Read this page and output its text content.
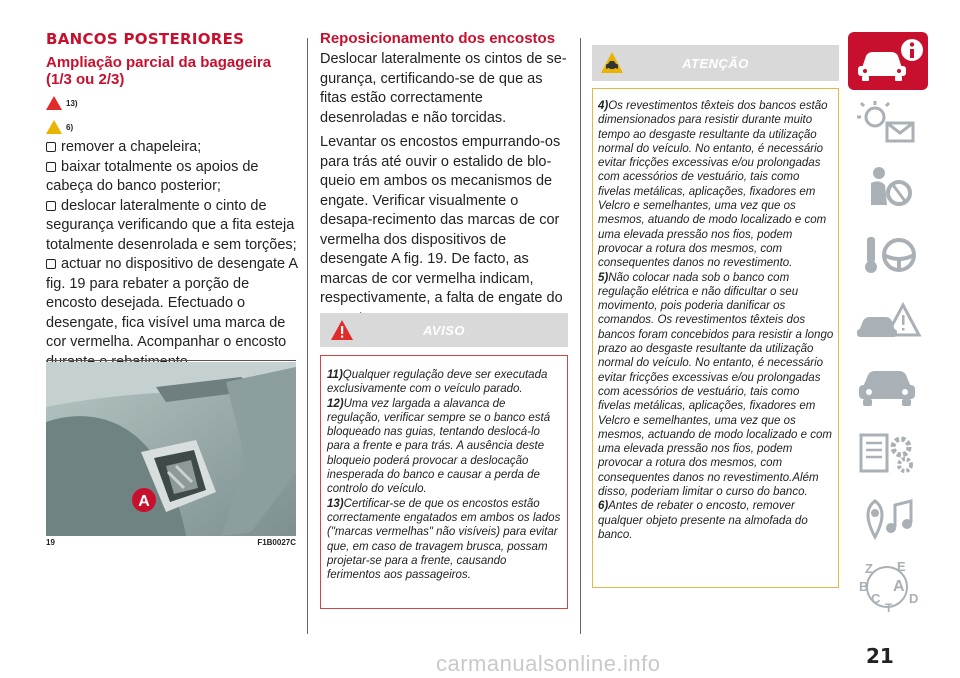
BANCOS POSTERIORES
Ampliação parcial da bagageira (1/3 ou 2/3)
13)
6)
remover a chapeleira;
baixar totalmente os apoios de cabeça do banco posterior;
deslocar lateralmente o cinto de segurança verificando que a fita esteja totalmente desenrolada e sem torções;
actuar no dispositivo de desengate A fig. 19 para rebater a porção de encosto desejada. Efectuado o desengate, fica visível uma marca de cor vermelha. Acompanhar o encosto
A
19	F1B0027C
Reposicionamento dos encostos
Deslocar lateralmente os cintos de se-gurança, certificando-se de que as fitas estão correctamente desenroladas e não torcidas.
Levantar os encostos empurrando-os para trás até ouvir o estalido de blo-queio em ambos os mecanismos de engate. Verificar visualmente o desapa-recimento das marcas de cor vermelha dos dispositivos de desengate A fig. 19. De facto, as marcas de cor vermelha indicam, respectivamente, a falta de engate do
AVISO
11)Qualquer regulação deve ser executada exclusivamente com o veículo parado.
12)Uma vez largada a alavanca de regulação, verificar sempre se o banco está bloqueado nas guias, tentando deslocá-lo para a frente e para trás. A ausência deste bloqueio poderá provocar a deslocação inesperada do banco e causar a perda de controlo do veículo.
13)Certificar-se de que os encostos estão correctamente engatados em ambos os lados ("marcas vermelhas" não visíveis) para evitar que, em caso de travagem brusca, possam projetar-se para a frente, causando ferimentos aos passageiros.
ATENÇÃO
4)Os revestimentos têxteis dos bancos estão dimensionados para resistir durante muito tempo ao desgaste resultante da utilização normal do veículo. No entanto, é necessário evitar fricções excessivas e/ou prolongadas com acessórios de vestuário, tais como fivelas metálicas, aplicações, fixadores em Velcro e semelhantes, uma vez que os mesmos, atuando de modo localizado e com uma elevada pressão nos fios, podem provocar a rotura dos mesmos, com consequentes danos no revestimento.
5)Não colocar nada sob o banco com regulação elétrica e não dificultar o seu movimento, pois poderia danificar os comandos. Os revestimentos têxteis dos bancos foram concebidos para resistir a longo prazo ao desgaste resultante da utilização normal do veículo. No entanto, é necessário evitar fricções excessivas e/ou prolongadas com acessórios de vestuário, tais como fivelas metálicas, aplicações, fixadores em Velcro e semelhantes, uma vez que os mesmos, actuando de modo localizado e com uma elevada pressão nos fios, podem provocar a rotura dos mesmos, com consequentes danos no revestimento.Além disso, poderiam limitar o curso do banco.
6)Antes de rebater o encosto, remover qualquer objeto presente na almofada do banco.
Z E
B A
C D
T
21
carmanualsonline.info
